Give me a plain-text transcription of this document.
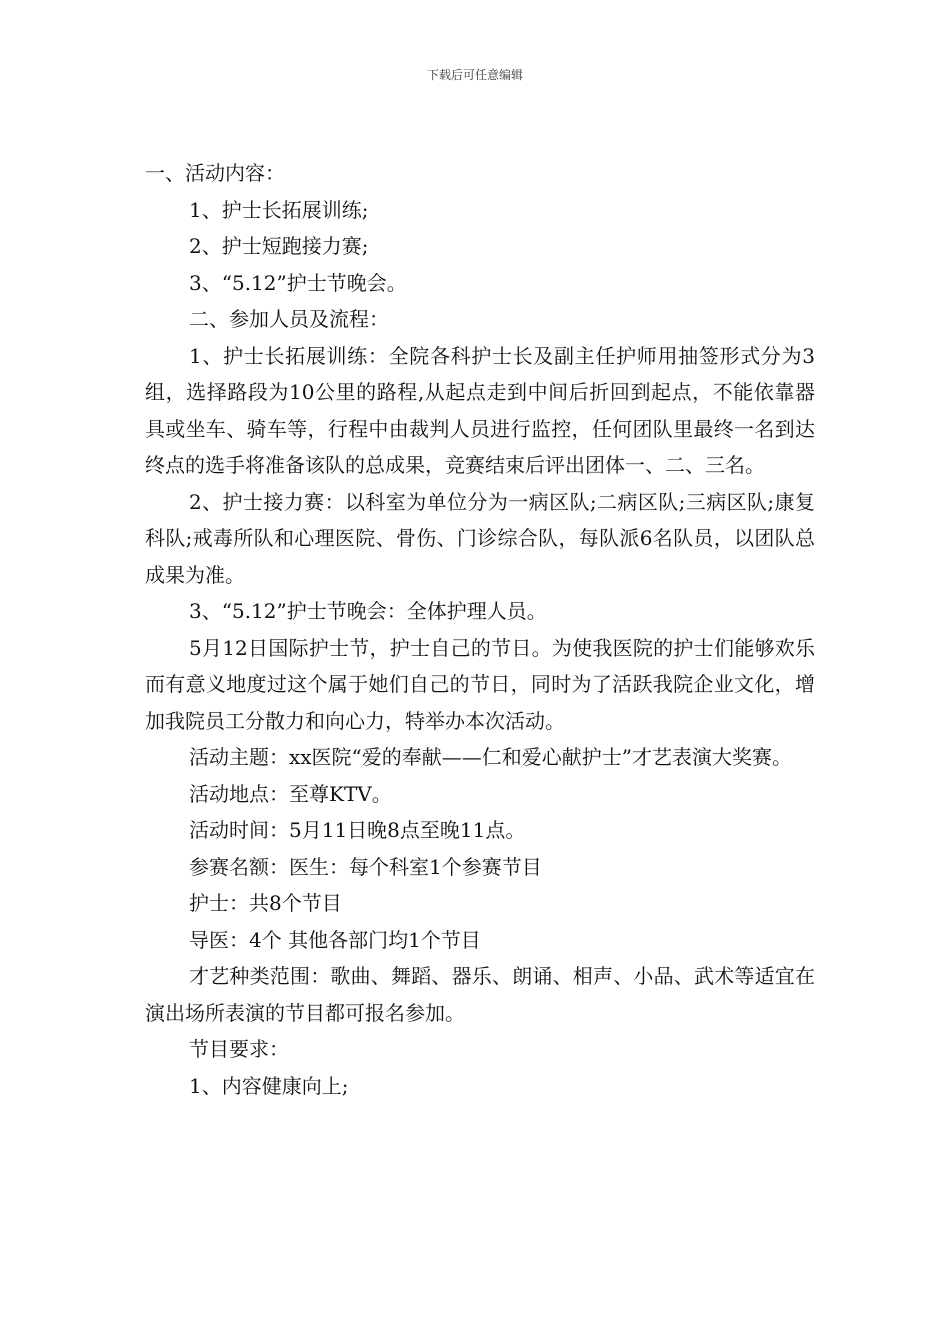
下载后可任意编辑

一、活动内容：

1、护士长拓展训练;

2、护士短跑接力赛;

3、“5.12”护士节晚会。

二、参加人员及流程：

1、护士长拓展训练：全院各科护士长及副主任护师用抽签形式分为3组，选择路段为10公里的路程,从起点走到中间后折回到起点，不能依靠器具或坐车、骑车等，行程中由裁判人员进行监控，任何团队里最终一名到达终点的选手将准备该队的总成果，竞赛结束后评出团体一、二、三名。

2、护士接力赛：以科室为单位分为一病区队;二病区队;三病区队;康复科队;戒毒所队和心理医院、骨伤、门诊综合队，每队派6名队员，以团队总成果为准。

3、“5.12”护士节晚会：全体护理人员。

5月12日国际护士节，护士自己的节日。为使我医院的护士们能够欢乐而有意义地度过这个属于她们自己的节日，同时为了活跃我院企业文化，增加我院员工分散力和向心力，特举办本次活动。

活动主题：xx医院“爱的奉献——仁和爱心献护士”才艺表演大奖赛。

活动地点：至尊KTV。

活动时间：5月11日晚8点至晚11点。

参赛名额：医生：每个科室1个参赛节目

护士：共8个节目

导医：4个 其他各部门均1个节目

才艺种类范围：歌曲、舞蹈、器乐、朗诵、相声、小品、武术等适宜在演出场所表演的节目都可报名参加。

节目要求：

1、内容健康向上;
